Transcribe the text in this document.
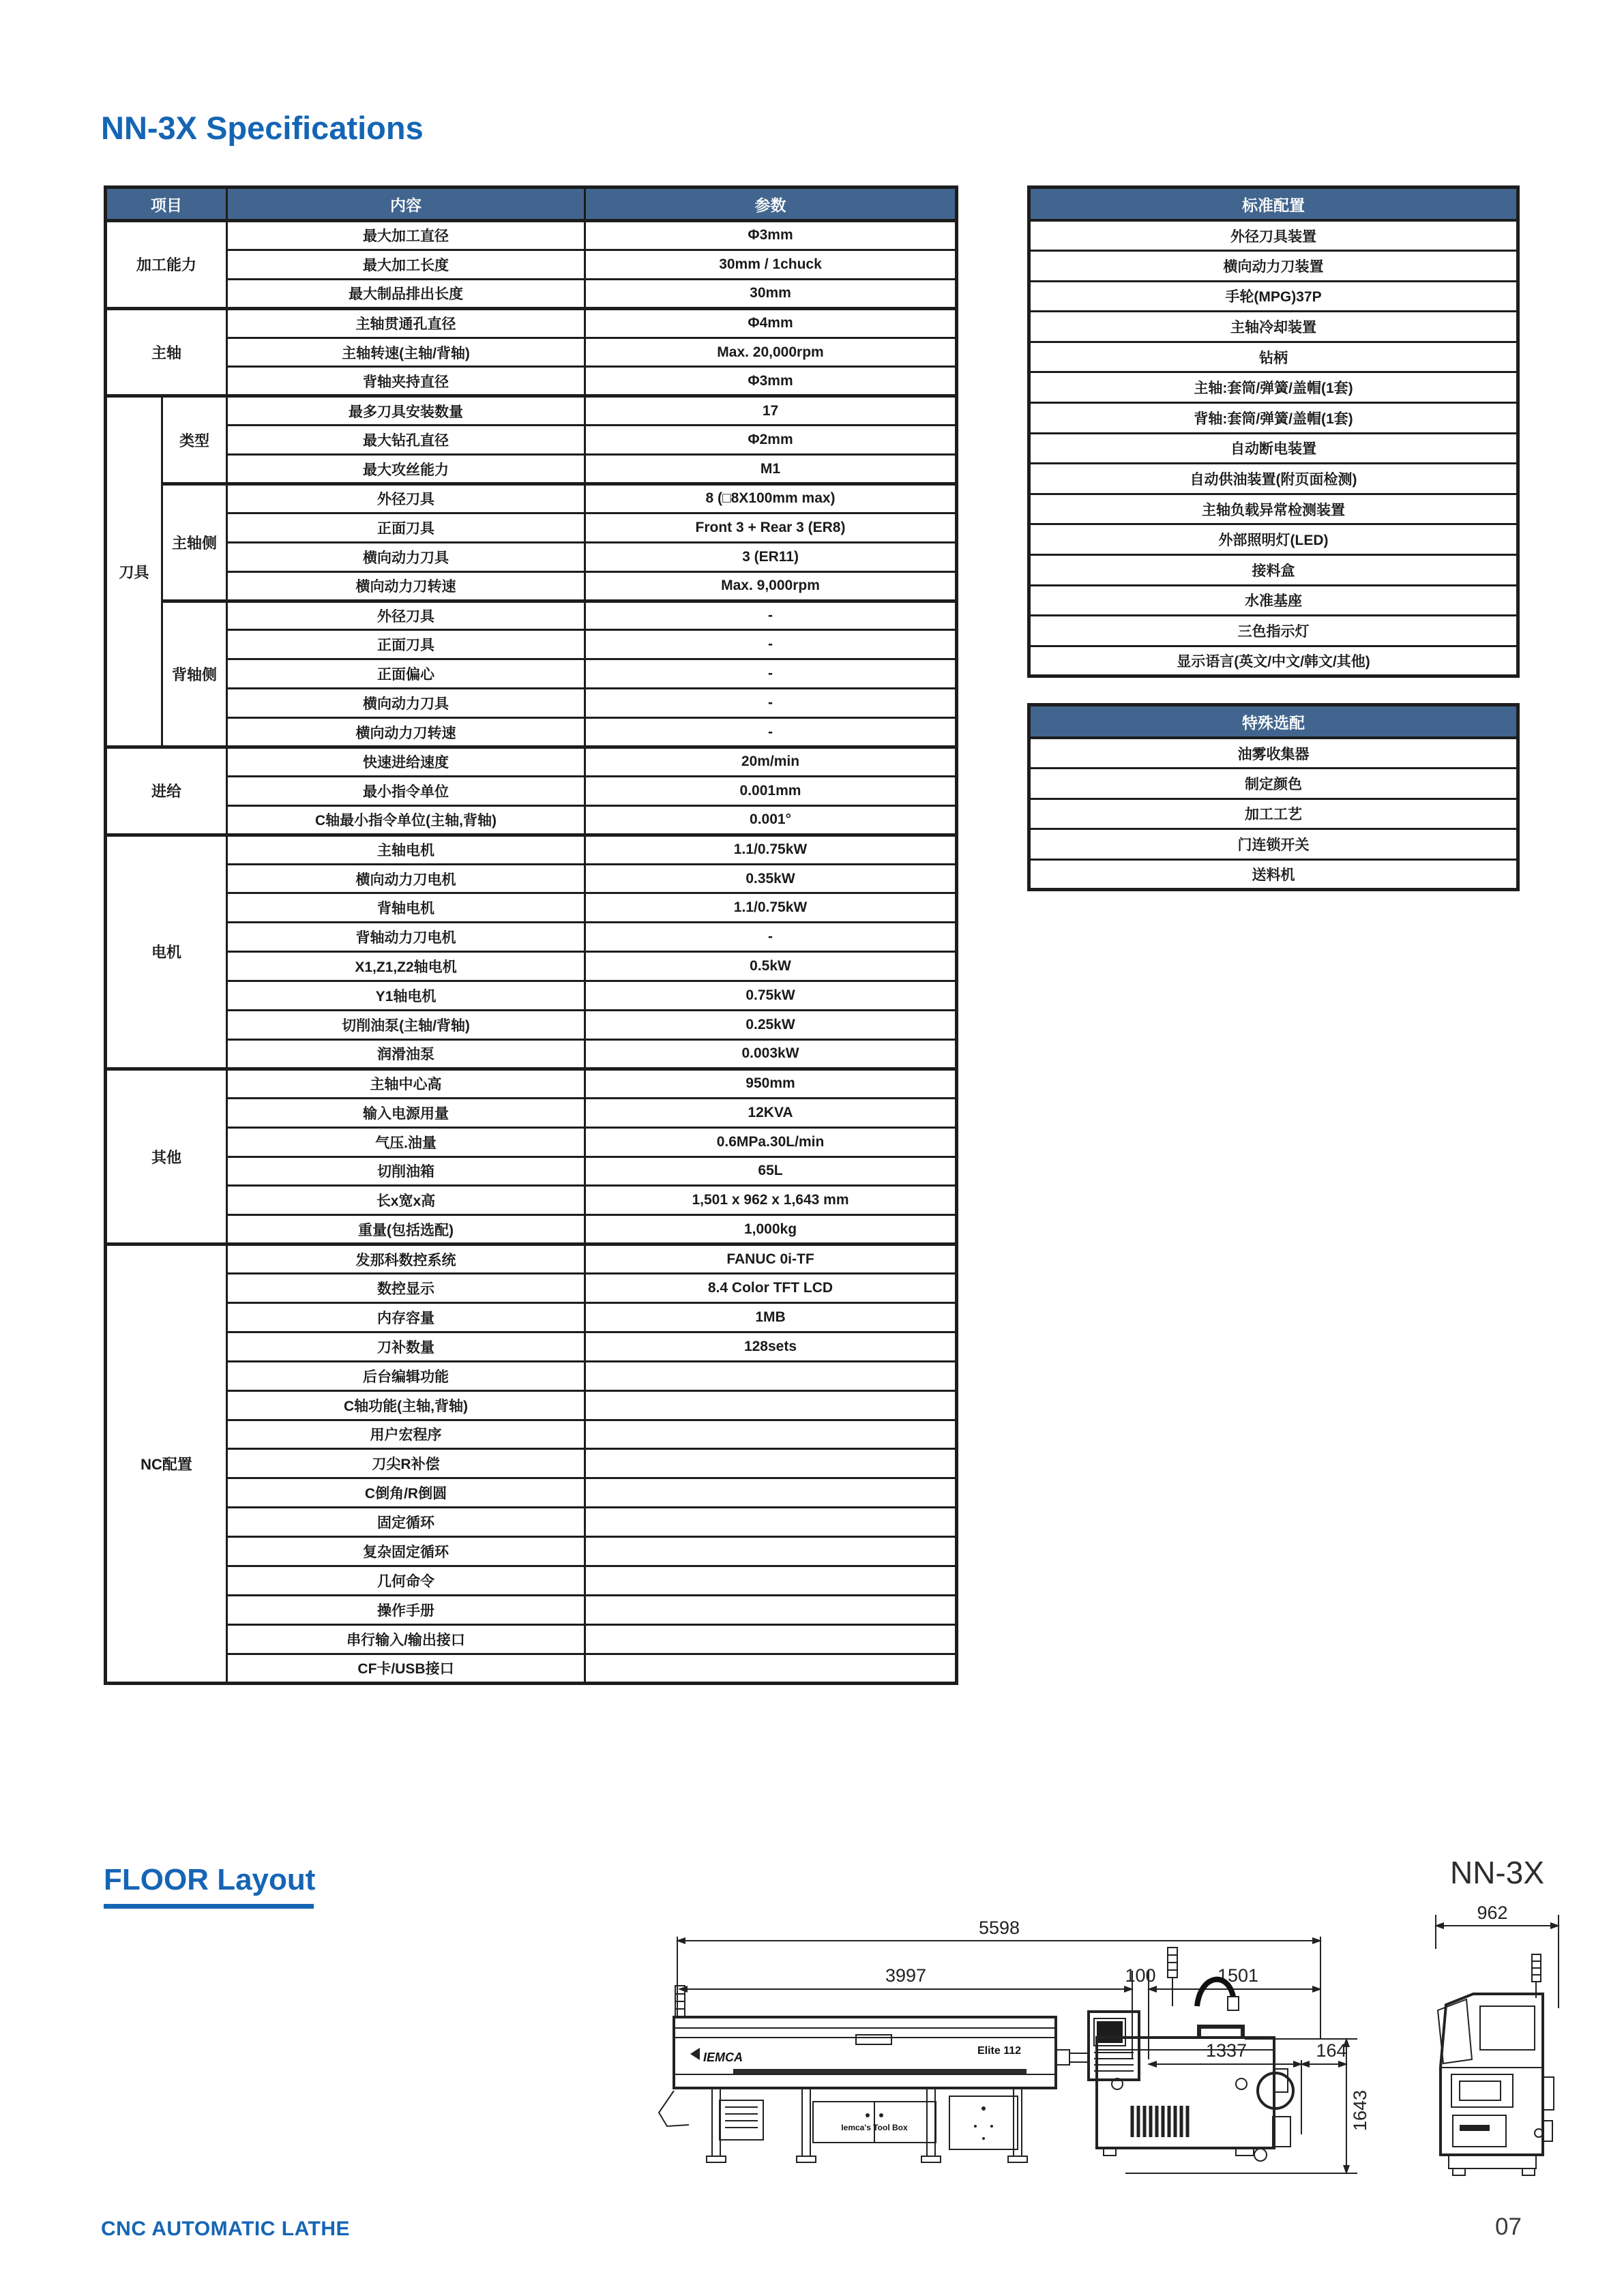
NN-3X Specifications
项目		内容	参数
加工能力		最大加工直径	Φ3mm
		最大加工长度	30mm / 1chuck
		最大制品排出长度	30mm
主轴		主轴贯通孔直径	Φ4mm
		主轴转速(主轴/背轴)	Max. 20,000rpm
		背轴夹持直径	Φ3mm
刀具	类型	最多刀具安装数量	17
		最大钻孔直径	Φ2mm
		最大攻丝能力	M1
	主轴侧	外径刀具	8 (□8X100mm max)
		正面刀具	Front 3 + Rear 3 (ER8)
		横向动力刀具	3 (ER11)
		横向动力刀转速	Max. 9,000rpm
	背轴侧	外径刀具	-
		正面刀具	-
		正面偏心	-
		横向动力刀具	-
		横向动力刀转速	-
进给		快速进给速度	20m/min
		最小指令单位	0.001mm
		C轴最小指令单位(主轴,背轴)	0.001°
电机		主轴电机	1.1/0.75kW
		横向动力刀电机	0.35kW
		背轴电机	1.1/0.75kW
		背轴动力刀电机	-
		X1,Z1,Z2轴电机	0.5kW
		Y1轴电机	0.75kW
		切削油泵(主轴/背轴)	0.25kW
		润滑油泵	0.003kW
其他		主轴中心高	950mm
		输入电源用量	12KVA
		气压.油量	0.6MPa.30L/min
		切削油箱	65L
		长x宽x高	1,501 x 962 x 1,643 mm
		重量(包括选配)	1,000kg
NC配置		发那科数控系统	FANUC 0i-TF
		数控显示	8.4 Color TFT LCD
		内存容量	1MB
		刀补数量	128sets
		后台编辑功能	
		C轴功能(主轴,背轴)	
		用户宏程序	
		刀尖R补偿	
		C倒角/R倒圆	
		固定循环	
		复杂固定循环	
		几何命令	
		操作手册	
		串行输入/输出接口	
		CF卡/USB接口	
标准配置
外径刀具装置
横向动力刀装置
手轮(MPG)37P
主轴冷却装置
钻柄
主轴:套筒/弹簧/盖帽(1套)
背轴:套筒/弹簧/盖帽(1套)
自动断电装置
自动供油装置(附页面检测)
主轴负载异常检测装置
外部照明灯(LED)
接料盒
水准基座
三色指示灯
显示语言(英文/中文/韩文/其他)
特殊选配
油雾收集器
制定颜色
加工工艺
门连锁开关
送料机
FLOOR Layout
5598
3997	100	1501
1337	164
1643
IEMCA	Elite 112
Iemca's Tool Box
NN-3X
962
CNC AUTOMATIC LATHE	07
